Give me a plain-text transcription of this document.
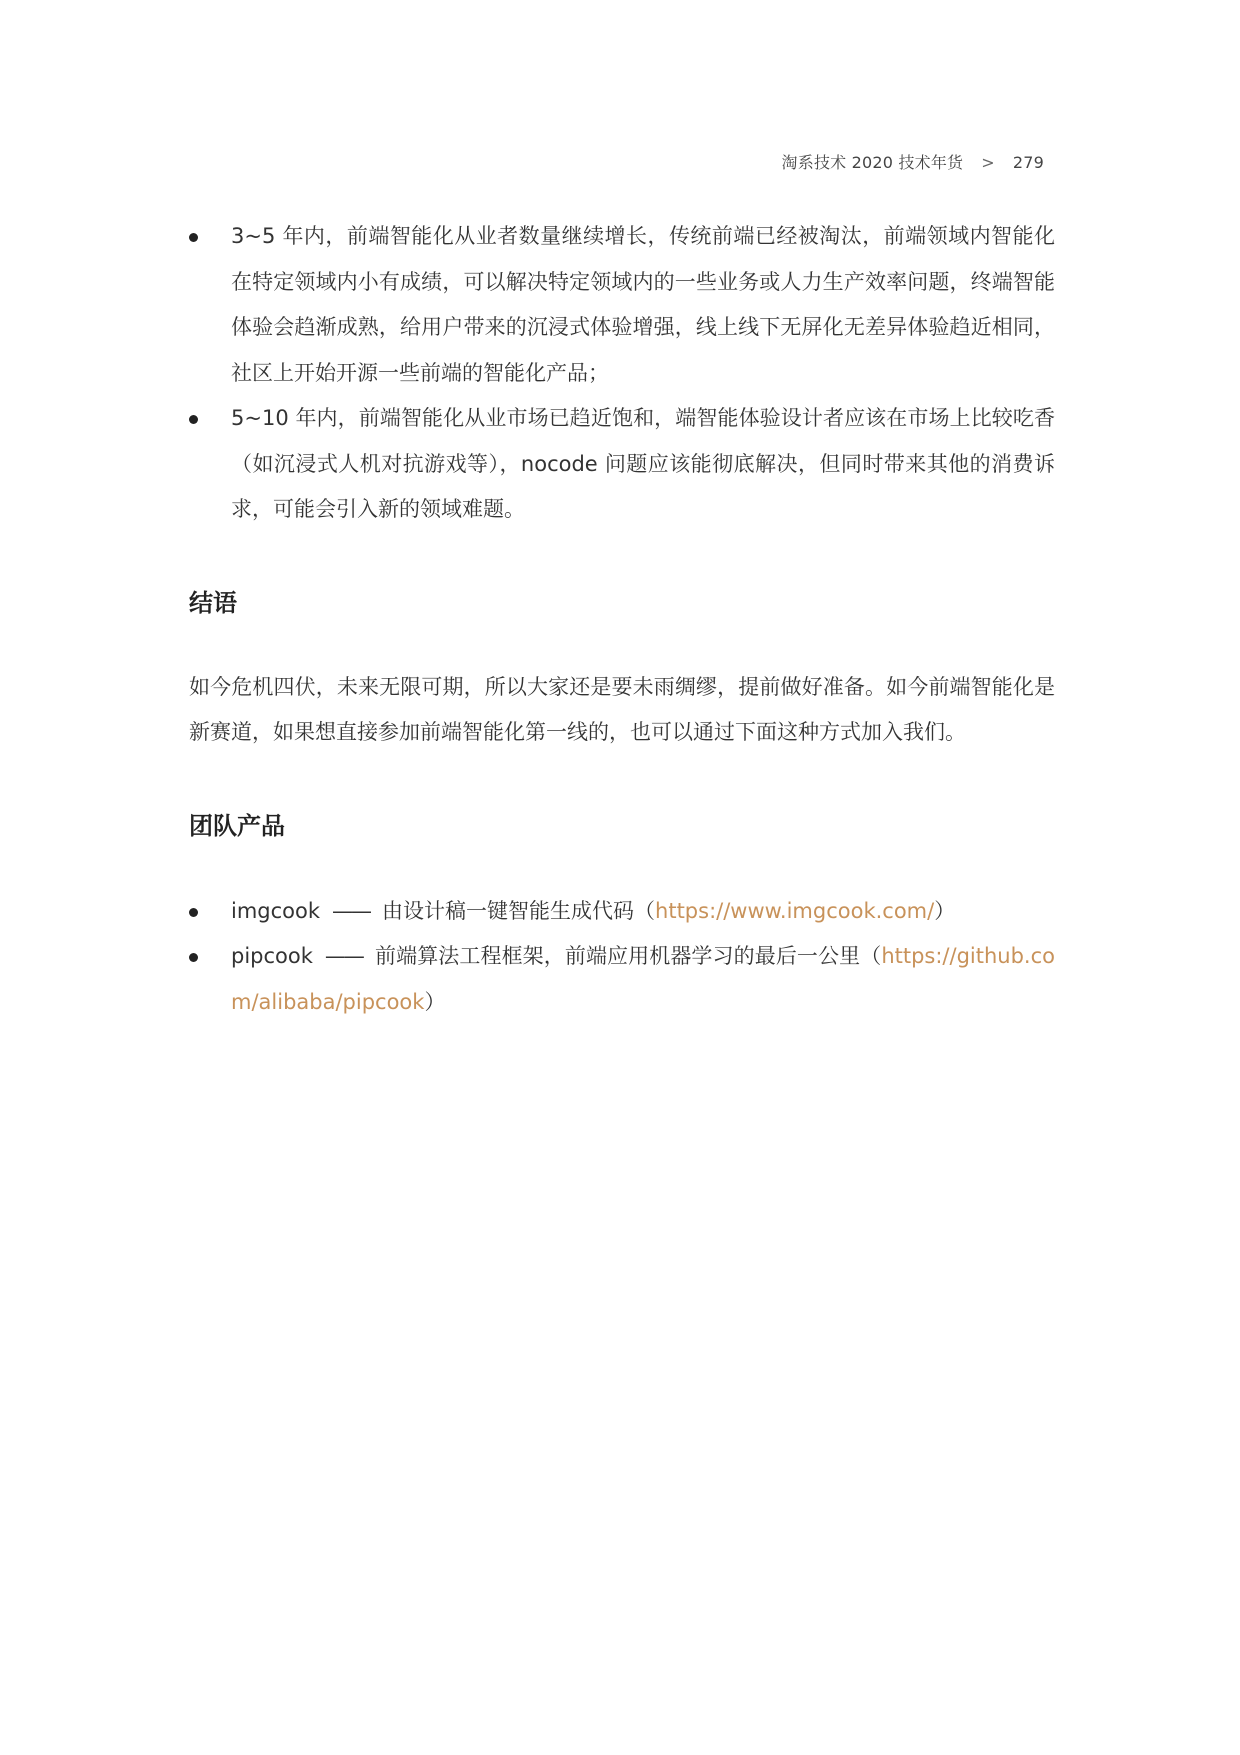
淘系技术 2020 技术年货 > 279
3~5 年内，前端智能化从业者数量继续增长，传统前端已经被淘汰，前端领域内智能化在特定领域内小有成绩，可以解决特定领域内的一些业务或人力生产效率问题，终端智能体验会趋渐成熟，给用户带来的沉浸式体验增强，线上线下无屏化无差异体验趋近相同，社区上开始开源一些前端的智能化产品；
5~10 年内，前端智能化从业市场已趋近饱和，端智能体验设计者应该在市场上比较吃香（如沉浸式人机对抗游戏等），nocode 问题应该能彻底解决，但同时带来其他的消费诉求，可能会引入新的领域难题。
结语

如今危机四伏，未来无限可期，所以大家还是要未雨绸缪，提前做好准备。如今前端智能化是新赛道，如果想直接参加前端智能化第一线的，也可以通过下面这种方式加入我们。

团队产品
imgcook —— 由设计稿一键智能生成代码（https://www.imgcook.com/）
pipcook —— 前端算法工程框架，前端应用机器学习的最后一公里（https://github.com/alibaba/pipcook）
